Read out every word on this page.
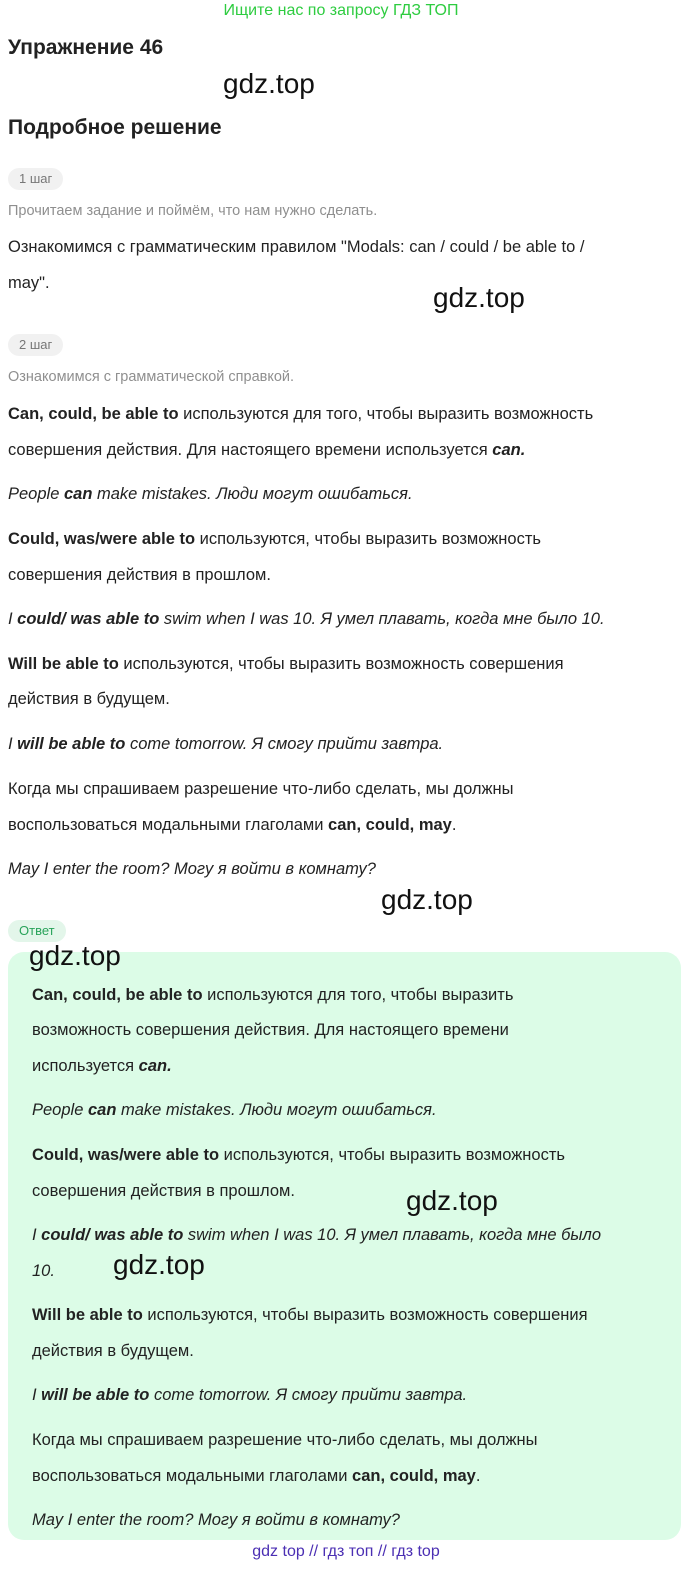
Ищите нас по запросу ГДЗ ТОП
Упражнение 46
gdz.top
Подробное решение
1 шаг
Прочитаем задание и поймём, что нам нужно сделать.

Ознакомимся с грамматическим правилом "Modals: can / could / be able to /

may".	gdz.top
2 шаг
Ознакомимся с грамматической справкой.

Can, could, be able to используются для того, чтобы выразить возможность

совершения действия. Для настоящего времени используется can.

People can make mistakes. Люди могут ошибаться.

Could, was/were able to используются, чтобы выразить возможность

совершения действия в прошлом.

I could/ was able to swim when I was 10. Я умел плавать, когда мне было 10.

Will be able to используются, чтобы выразить возможность совершения

действия в будущем.

I will be able to come tomorrow. Я смогу прийти завтра.

Когда мы спрашиваем разрешение что-либо сделать, мы должны

воспользоваться модальными глаголами can, could, may.

May I enter the room? Могу я войти в комнату?

gdz.top
Ответ
gdz.top

Can, could, be able to используются для того, чтобы выразить

возможность совершения действия. Для настоящего времени

используется can.

People can make mistakes. Люди могут ошибаться.

Could, was/were able to используются, чтобы выразить возможность

совершения действия в прошлом.	gdz.top

I could/ was able to swim when I was 10. Я умел плавать, когда мне было

10. gdz.top

Will be able to используются, чтобы выразить возможность совершения

действия в будущем.

I will be able to come tomorrow. Я смогу прийти завтра.

Когда мы спрашиваем разрешение что-либо сделать, мы должны

воспользоваться модальными глаголами can, could, may.

May I enter the room? Могу я войти в комнату?

gdz top // гдз топ // гдз top
